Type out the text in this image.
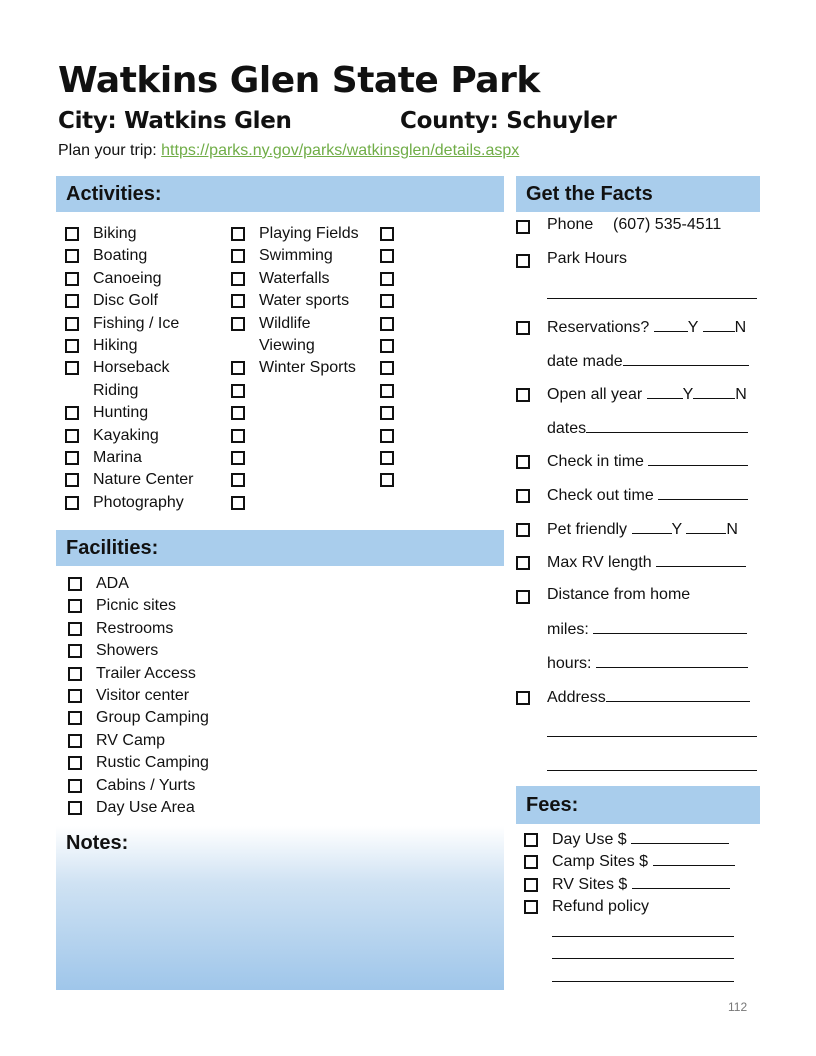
Watkins Glen State Park

City: Watkins Glen	County: Schuyler

Plan your trip: https://parks.ny.gov/parks/watkinsglen/details.aspx
Activities:
Biking
Boating
Canoeing
Disc Golf
Fishing / Ice
Hiking
Horseback
Riding
Hunting
Kayaking
Marina
Nature Center
Photography
Playing Fields
Swimming
Waterfalls
Water sports
Wildlife
Viewing
Winter Sports
Facilities:
ADA
Picnic sites
Restrooms
Showers
Trailer Access
Visitor center
Group Camping
RV Camp
Rustic Camping
Cabins / Yurts
Day Use Area
Notes:
Get the Facts
Phone (607) 535-4511
Park Hours
Reservations? Y N
date made
Open all year	Y	N
dates
Check in time
Check out time
Pet friendly	Y	N
Max RV length
Distance from home
miles:
hours:
Address
Fees:
Day Use $
Camp Sites $
RV Sites $
Refund policy
112
